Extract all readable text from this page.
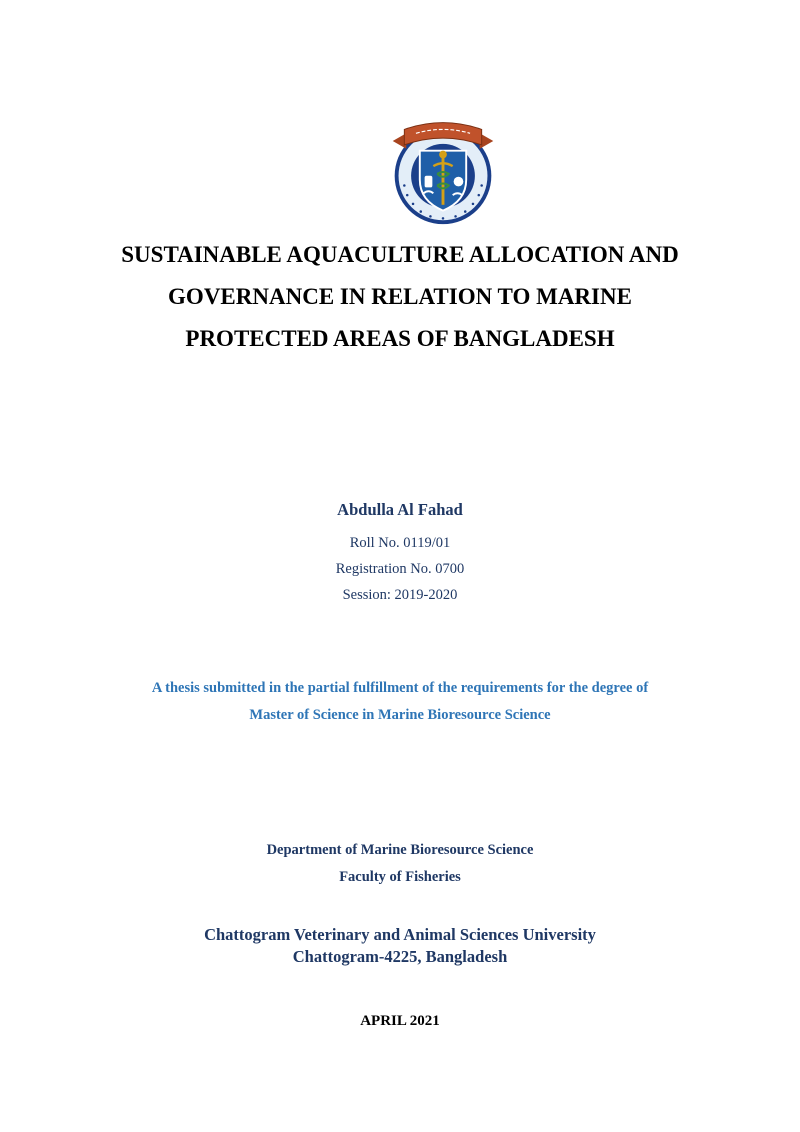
SUSTAINABLE AQUACULTURE ALLOCATION AND
GOVERNANCE IN RELATION TO MARINE
PROTECTED AREAS OF BANGLADESH
Abdulla Al Fahad
Roll No. 0119/01
Registration No. 0700
Session: 2019-2020
A thesis submitted in the partial fulfillment of the requirements for the degree of
Master of Science in Marine Bioresource Science
Department of Marine Bioresource Science
Faculty of Fisheries
Chattogram Veterinary and Animal Sciences University
Chattogram-4225, Bangladesh
APRIL 2021
